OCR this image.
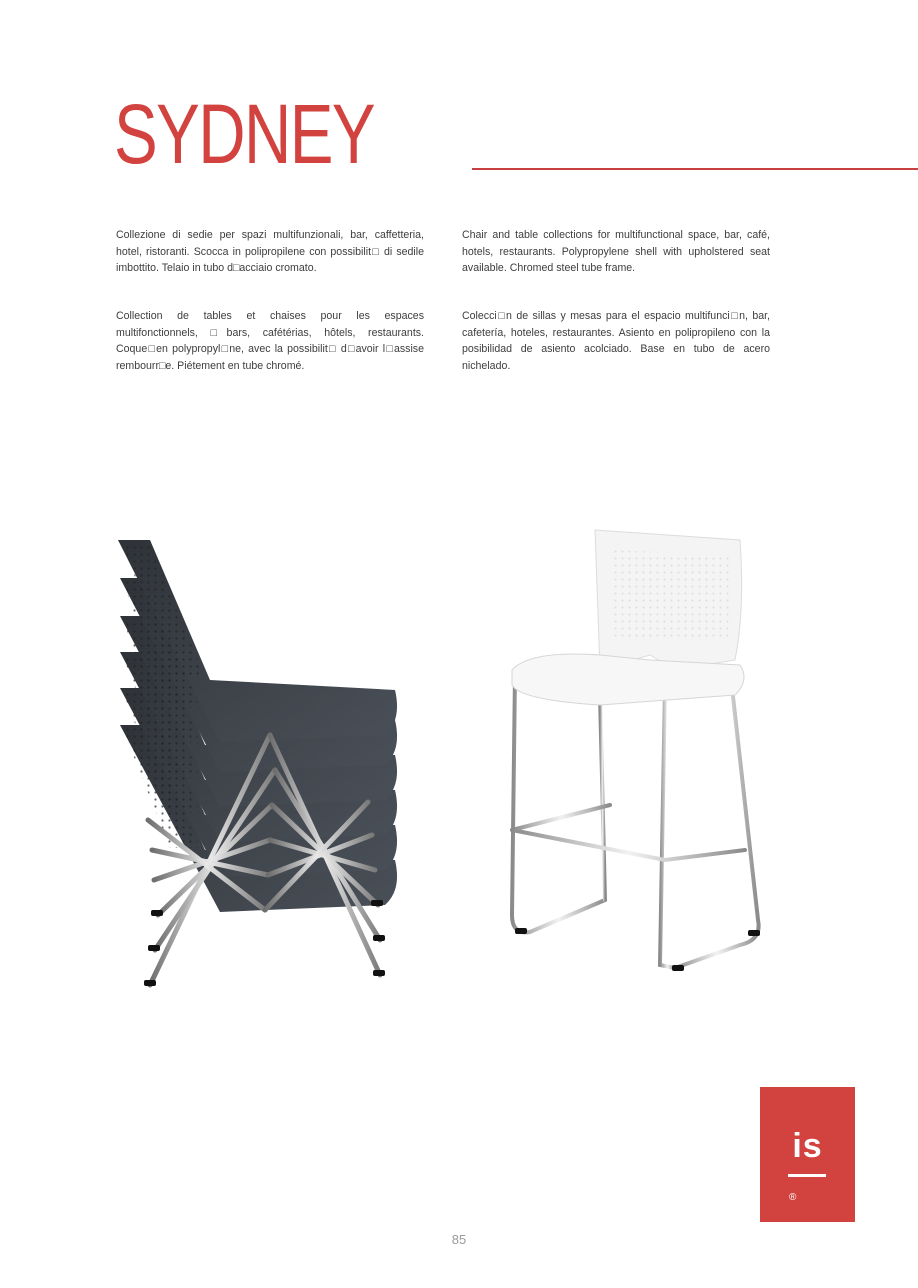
SYDNEY
Collezione di sedie per spazi multifunzionali, bar, caffetteria, hotel, ristoranti. Scocca in polipropilene con possibilit□ di sedile imbottito. Telaio in tubo d□acciaio cromato.
Chair and table collections for multifunctional space, bar, café, hotels, restaurants. Polypropylene shell with upholstered seat available. Chromed steel tube frame.
Collection de tables et chaises pour les espaces multifonctionnels, □bars, cafétérias, hôtels, restaurants. Coque□en polypropyl□ne, avec la possibilit□ d□avoir l□assise rembourr□e. Piétement en tube chromé.
Colecci□n de sillas y mesas para el espacio multifunci□n, bar, cafetería, hoteles, restaurantes. Asiento en polipropileno con la posibilidad de asiento acolciado. Base en tubo de acero nichelado.
is
®
85
